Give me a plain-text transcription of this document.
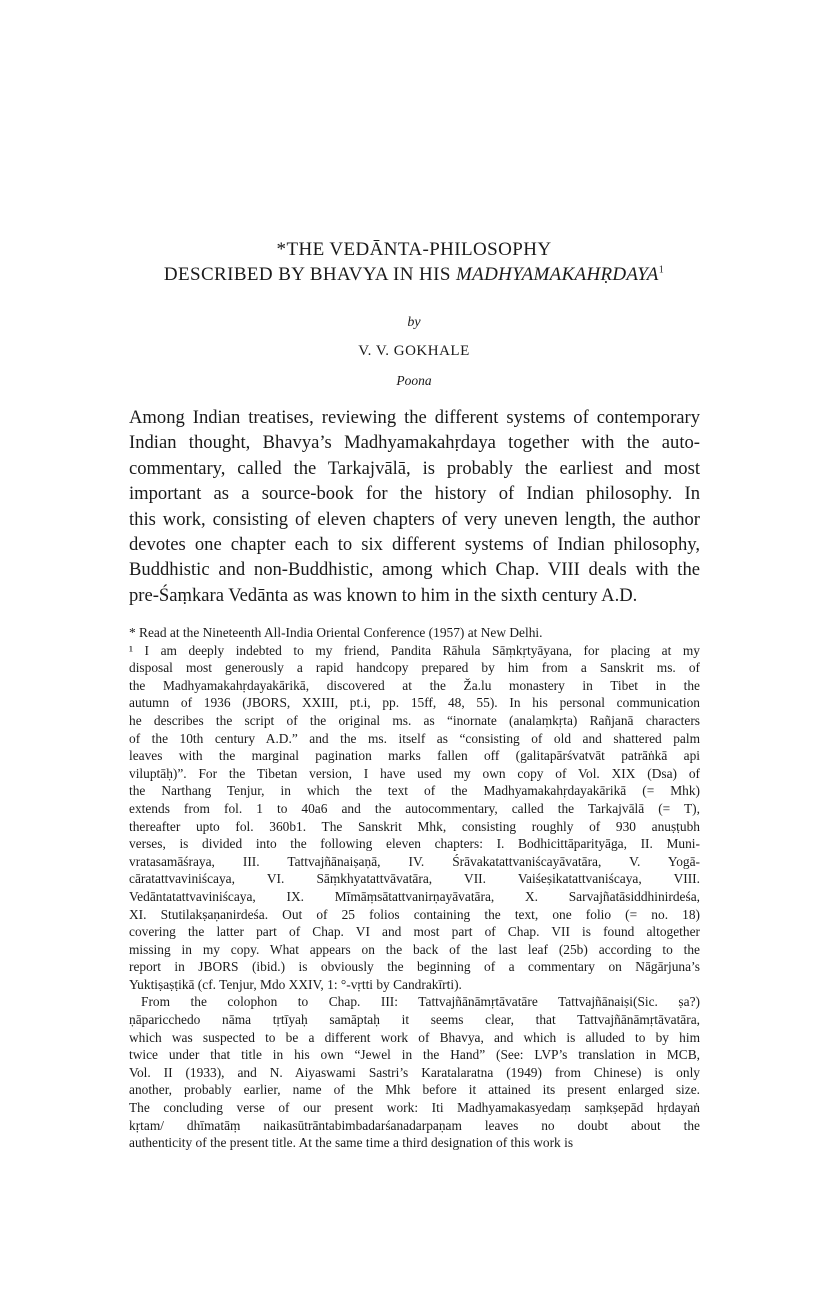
*THE VEDĀNTA-PHILOSOPHY
DESCRIBED BY BHAVYA IN HIS MADHYAMAKAHṚDAYA$^1$
by
V. V. GOKHALE
Poona
Among Indian treatises, reviewing the different systems of contemporary
Indian thought, Bhavya’s Madhyamakahṛdaya together with the auto-
commentary, called the Tarkajvālā, is probably the earliest and most
important as a source-book for the history of Indian philosophy. In
this work, consisting of eleven chapters of very uneven length, the author
devotes one chapter each to six different systems of Indian philosophy,
Buddhistic and non-Buddhistic, among which Chap. VIII deals with the
pre-Śaṃkara Vedānta as was known to him in the sixth century A.D.
* Read at the Nineteenth All-India Oriental Conference (1957) at New Delhi.
¹ I am deeply indebted to my friend, Pandita Rāhula Sāṃkṛtyāyana, for placing at my
disposal most generously a rapid handcopy prepared by him from a Sanskrit ms. of
the Madhyamakahṛdayakārikā, discovered at the Ža.lu monastery in Tibet in the
autumn of 1936 (JBORS, XXIII, pt.i, pp. 15ff, 48, 55). In his personal communication
he describes the script of the original ms. as “inornate (analaṃkṛta) Rañjanā characters
of the 10th century A.D.” and the ms. itself as “consisting of old and shattered palm
leaves with the marginal pagination marks fallen off (galitapārśvatvāt patrāṅkā api
viluptāḥ)”. For the Tibetan version, I have used my own copy of Vol. XIX (Dsa) of
the Narthang Tenjur, in which the text of the Madhyamakahṛdayakārikā (= Mhk)
extends from fol. 1 to 40a6 and the autocommentary, called the Tarkajvālā (= T),
thereafter upto fol. 360b1. The Sanskrit Mhk, consisting roughly of 930 anuṣṭubh
verses, is divided into the following eleven chapters: I. Bodhicittāparityāga, II. Muni-
vratasamāśraya, III. Tattvajñānaiṣaṇā, IV. Śrāvakatattvaniścayāvatāra, V. Yogā-
cāratattvaviniścaya, VI. Sāṃkhyatattvāvatāra, VII. Vaiśeṣikatattvaniścaya, VIII.
Vedāntatattvaviniścaya, IX. Mīmāṃsātattvanirṇayāvatāra, X. Sarvajñatāsiddhinirdeśa,
XI. Stutilakṣaṇanirdeśa. Out of 25 folios containing the text, one folio (= no. 18)
covering the latter part of Chap. VI and most part of Chap. VII is found altogether
missing in my copy. What appears on the back of the last leaf (25b) according to the
report in JBORS (ibid.) is obviously the beginning of a commentary on Nāgārjuna’s
Yuktiṣaṣṭikā (cf. Tenjur, Mdo XXIV, 1: °-vṛtti by Candrakīrti).
From the colophon to Chap. III: Tattvajñānāmṛtāvatāre Tattvajñānaiṣi(Sic. ṣa?)
ṇāparicchedo nāma tṛtīyaḥ samāptaḥ it seems clear, that Tattvajñānāmṛtāvatāra,
which was suspected to be a different work of Bhavya, and which is alluded to by him
twice under that title in his own “Jewel in the Hand” (See: LVP’s translation in MCB,
Vol. II (1933), and N. Aiyaswami Sastri’s Karatalaratna (1949) from Chinese) is only
another, probably earlier, name of the Mhk before it attained its present enlarged size.
The concluding verse of our present work: Iti Madhyamakasyedaṃ saṃkṣepād hṛdayaṅ
kṛtam/ dhīmatāṃ naikasūtrāntabimbadarśanadarpaṇam leaves no doubt about the
authenticity of the present title. At the same time a third designation of this work is
